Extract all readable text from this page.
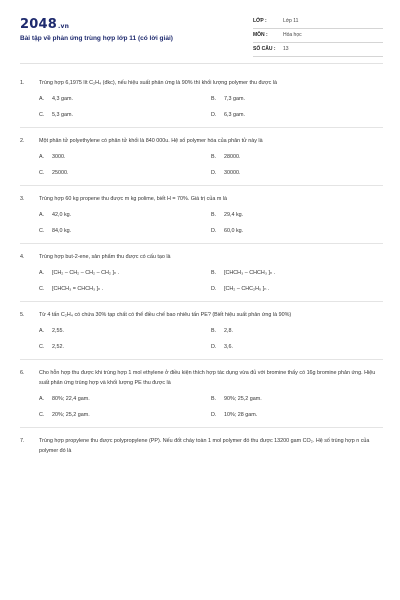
2048.vn
Bài tập về phản ứng trùng hợp lớp 11 (có lời giải)
LỚP :	Lớp 11
MÔN :	Hóa học
SỐ CÂU :	13
1.	Trùng hợp 6,1975 lít C₂H₄ (đkc), nếu hiệu suất phản ứng là 90% thì khối lượng polymer thu được là
A.	4,3 gam.	B.	7,3 gam.
C.	5,3 gam.	D.	6,3 gam.
2.	Một phân tử polyethylene có phân tử khối là 840 000u. Hệ số polymer hóa của phân tử này là
A.	3000.	B.	28000.
C.	25000.	D.	30000.
3.	Trùng hợp 60 kg propene thu được m kg polime, biết H = 70%. Giá trị của m là
A.	42,0 kg.	B.	29,4 kg.
C.	84,0 kg.	D.	60,0 kg.
4.	Trùng hợp but-2-ene, sản phẩm thu được có cấu tạo là
A.	[CH₂ – CH₂ – CH₂ – CH₂ ]ₙ .	B.	[CHCH₃ – CHCH₃ ]ₙ .
C.	[CHCH₃ = CHCH₃ ]ₙ .	D.	[CH₂ – CHC₂H₅ ]ₙ .
5.	Từ 4 tấn C₂H₄ có chứa 30% tạp chất có thể điều chế bao nhiêu tấn PE? (Biết hiệu suất phản ứng là 90%)
A.	2,55.	B.	2,8.
C.	2,52.	D.	3,6.
6.	Cho hỗn hợp thu được khi trùng hợp 1 mol ethylene ở điều kiện thích hợp tác dụng vừa đủ với bromine thấy có 16g bromine phản ứng. Hiệu suất phản ứng trùng hợp và khối lượng PE thu được là
A.	80%; 22,4 gam.	B.	90%; 25,2 gam.
C.	20%; 25,2 gam.	D.	10%; 28 gam.
7.	Trùng hợp propylene thu được polypropylene (PP). Nếu đốt cháy toàn 1 mol polymer đó thu được 13200 gam CO₂. Hệ số trùng hợp n của polymer đó là
